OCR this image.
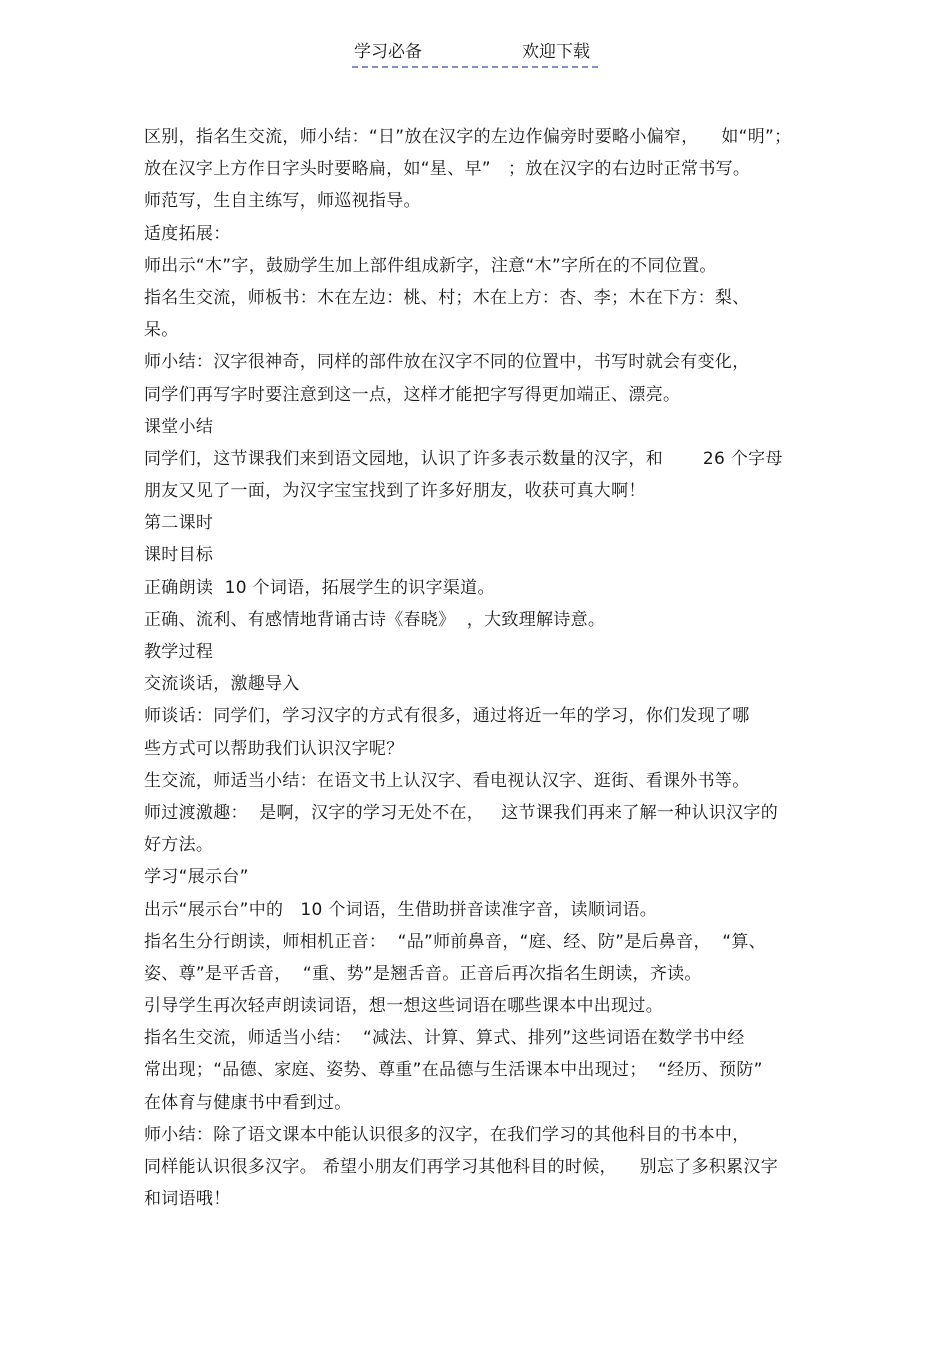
学习必备	欢迎下载
区别，指名生交流，师小结：“日”放在汉字的左边作偏旁时要略小偏窄，    如“明”；
放在汉字上方作日字头时要略扁，如“星、早”   ；放在汉字的右边时正常书写。
师范写，生自主练写，师巡视指导。
适度拓展：
师出示“木”字，鼓励学生加上部件组成新字，注意“木”字所在的不同位置。
指名生交流，师板书：木在左边：桃、村；木在上方：杏、李；木在下方：梨、
呆。
师小结：汉字很神奇，同样的部件放在汉字不同的位置中，书写时就会有变化，
同学们再写字时要注意到这一点，这样才能把字写得更加端正、漂亮。
课堂小结
同学们，这节课我们来到语文园地，认识了许多表示数量的汉字，和       26 个字母
朋友又见了一面，为汉字宝宝找到了许多好朋友，收获可真大啊！
第二课时
课时目标
正确朗读  10 个词语，拓展学生的识字渠道。
正确、流利、有感情地背诵古诗《春晓》  ，大致理解诗意。
教学过程
交流谈话，激趣导入
师谈话：同学们，学习汉字的方式有很多，通过将近一年的学习，你们发现了哪
些方式可以帮助我们认识汉字呢？
生交流，师适当小结：在语文书上认汉字、看电视认汉字、逛街、看课外书等。
师过渡激趣：  是啊，汉字的学习无处不在，   这节课我们再来了解一种认识汉字的
好方法。
学习“展示台”
出示“展示台”中的   10 个词语，生借助拼音读准字音，读顺词语。
指名生分行朗读，师相机正音：  “品”师前鼻音，“庭、经、防”是后鼻音，  “算、
姿、尊”是平舌音，  “重、势”是翘舌音。正音后再次指名生朗读，齐读。
引导学生再次轻声朗读词语，想一想这些词语在哪些课本中出现过。
指名生交流，师适当小结：  “减法、计算、算式、排列”这些词语在数学书中经
常出现；“品德、家庭、姿势、尊重”在品德与生活课本中出现过；  “经历、预防”
在体育与健康书中看到过。
师小结：除了语文课本中能认识很多的汉字，在我们学习的其他科目的书本中，
同样能认识很多汉字。 希望小朋友们再学习其他科目的时候，    别忘了多积累汉字
和词语哦！
